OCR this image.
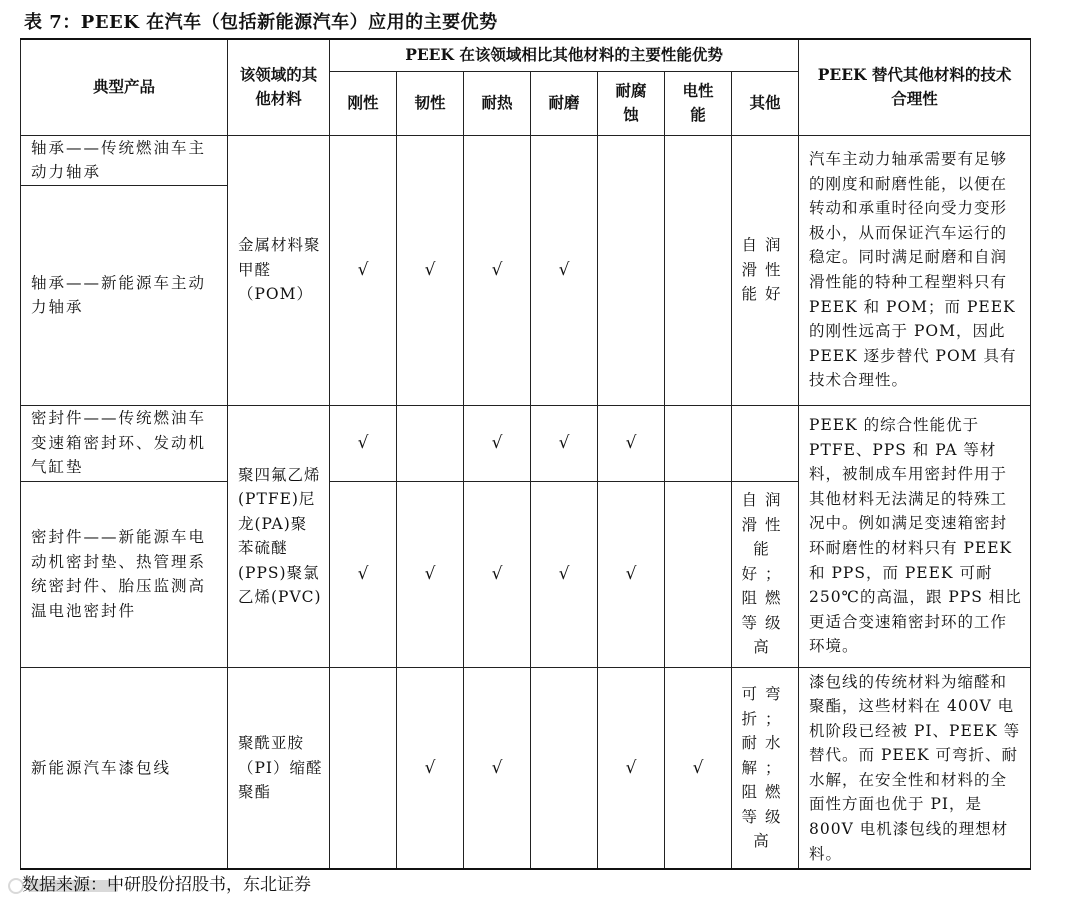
表 7：PEEK 在汽车（包括新能源汽车）应用的主要优势
典型产品	该领域的其他材料	PEEK 在该领域相比其他材料的主要性能优势							PEEK 替代其他材料的技术合理性
		刚性	韧性	耐热	耐磨	耐腐蚀	电性能	其他	
轴承——传统燃油车主动力轴承	金属材料聚甲醛（POM）	√	√	√	√			自润滑性能好	汽车主动力轴承需要有足够的刚度和耐磨性能，以便在转动和承重时径向受力变形极小，从而保证汽车运行的稳定。同时满足耐磨和自润滑性能的特种工程塑料只有 PEEK 和 POM；而 PEEK 的刚性远高于 POM，因此 PEEK 逐步替代 POM 具有技术合理性。
轴承——新能源车主动力轴承									
密封件——传统燃油车变速箱密封环、发动机气缸垫	聚四氟乙烯(PTFE)尼龙(PA)聚苯硫醚(PPS)聚氯乙烯(PVC)	√		√	√	√			PEEK 的综合性能优于 PTFE、PPS 和 PA 等材料，被制成车用密封件用于其他材料无法满足的特殊工况中。例如满足变速箱密封环耐磨性的材料只有 PEEK 和 PPS，而 PEEK 可耐 250℃的高温，跟 PPS 相比更适合变速箱密封环的工作环境。
密封件——新能源车电动机密封垫、热管理系统密封件、胎压监测高温电池密封件		√	√	√	√	√		自润滑性能好；阻燃等级高	
新能源汽车漆包线	聚酰亚胺（PI）缩醛聚酯		√	√		√	√	可弯折；耐水解；阻燃等级高	漆包线的传统材料为缩醛和聚酯，这些材料在 400V 电机阶段已经被 PI、PEEK 等替代。而 PEEK 可弯折、耐水解，在安全性和材料的全面性方面也优于 PI，是 800V 电机漆包线的理想材料。
数据来源：中研股份招股书，东北证券
